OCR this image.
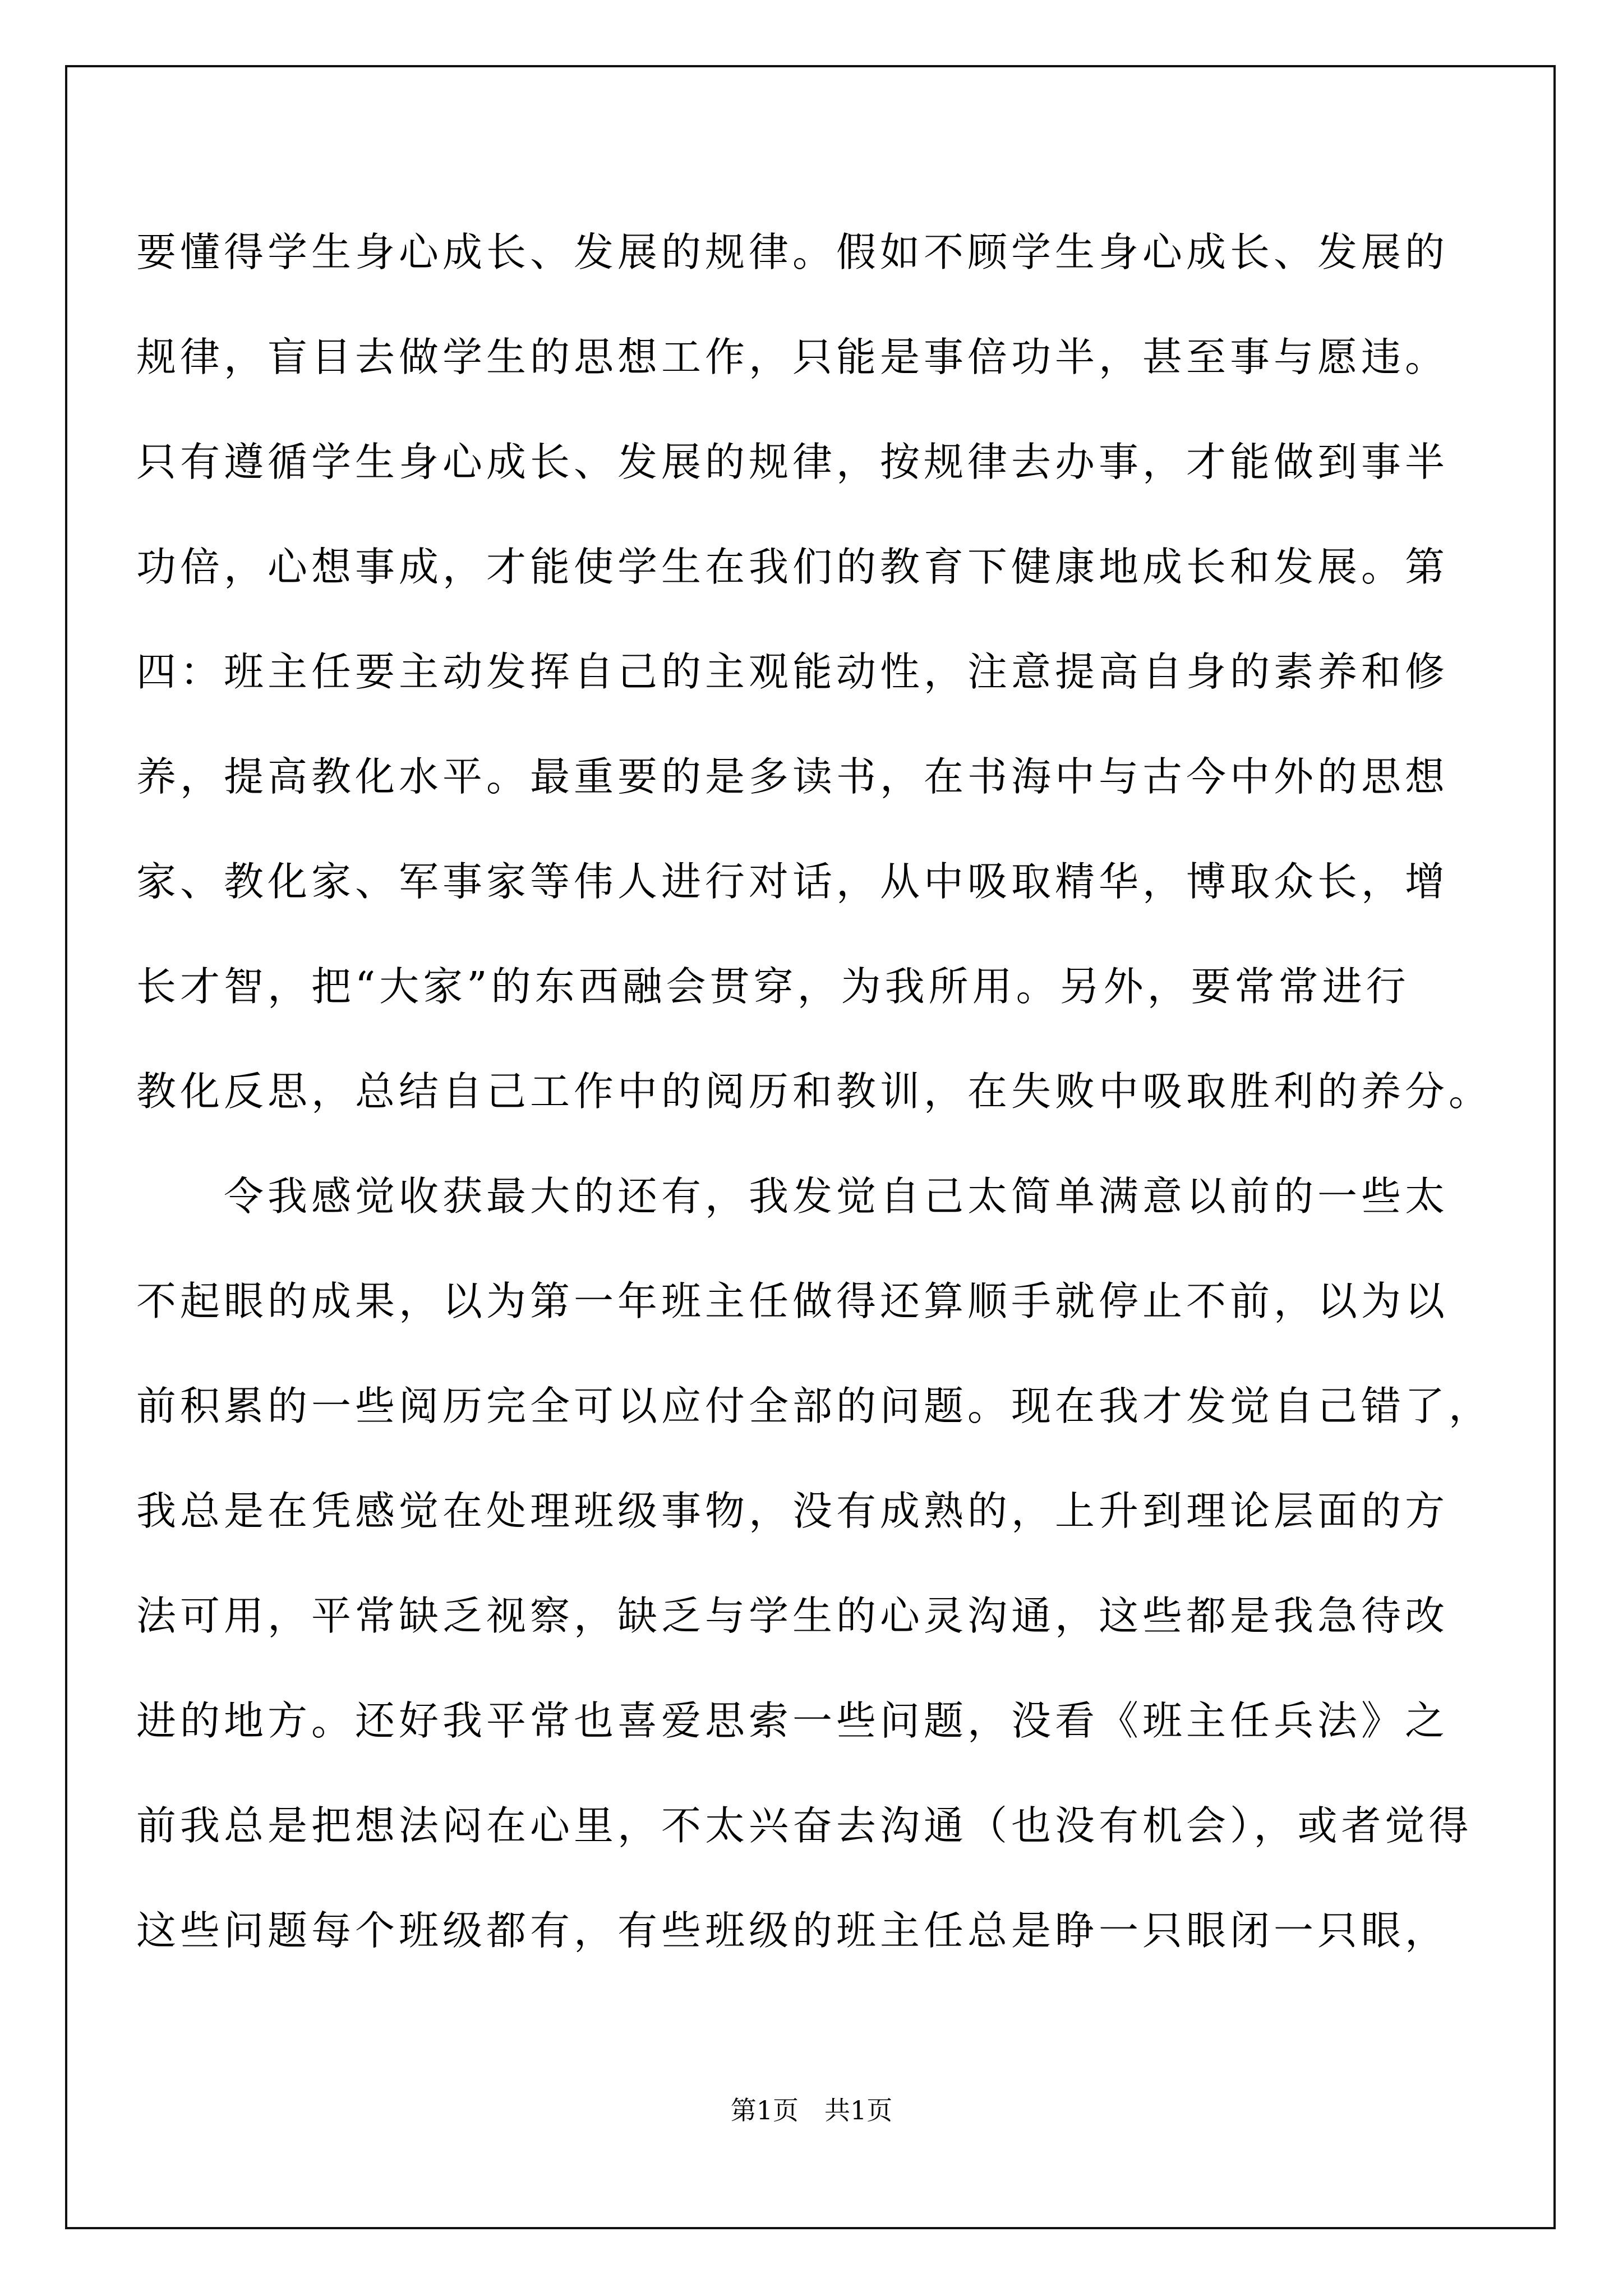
要懂得学生身心成长、发展的规律。假如不顾学生身心成长、发展的
规律，盲目去做学生的思想工作，只能是事倍功半，甚至事与愿违。
只有遵循学生身心成长、发展的规律，按规律去办事，才能做到事半
功倍，心想事成，才能使学生在我们的教育下健康地成长和发展。第
四：班主任要主动发挥自己的主观能动性，注意提高自身的素养和修
养，提高教化水平。最重要的是多读书，在书海中与古今中外的思想
家、教化家、军事家等伟人进行对话，从中吸取精华，博取众长，增
长才智，把“大家”的东西融会贯穿，为我所用。另外，要常常进行
教化反思，总结自己工作中的阅历和教训，在失败中吸取胜利的养分。
　　令我感觉收获最大的还有，我发觉自己太简单满意以前的一些太
不起眼的成果，以为第一年班主任做得还算顺手就停止不前，以为以
前积累的一些阅历完全可以应付全部的问题。现在我才发觉自己错了，
我总是在凭感觉在处理班级事物，没有成熟的，上升到理论层面的方
法可用，平常缺乏视察，缺乏与学生的心灵沟通，这些都是我急待改
进的地方。还好我平常也喜爱思索一些问题，没看《班主任兵法》之
前我总是把想法闷在心里，不太兴奋去沟通（也没有机会），或者觉得
这些问题每个班级都有，有些班级的班主任总是睁一只眼闭一只眼，
第1页　共1页
